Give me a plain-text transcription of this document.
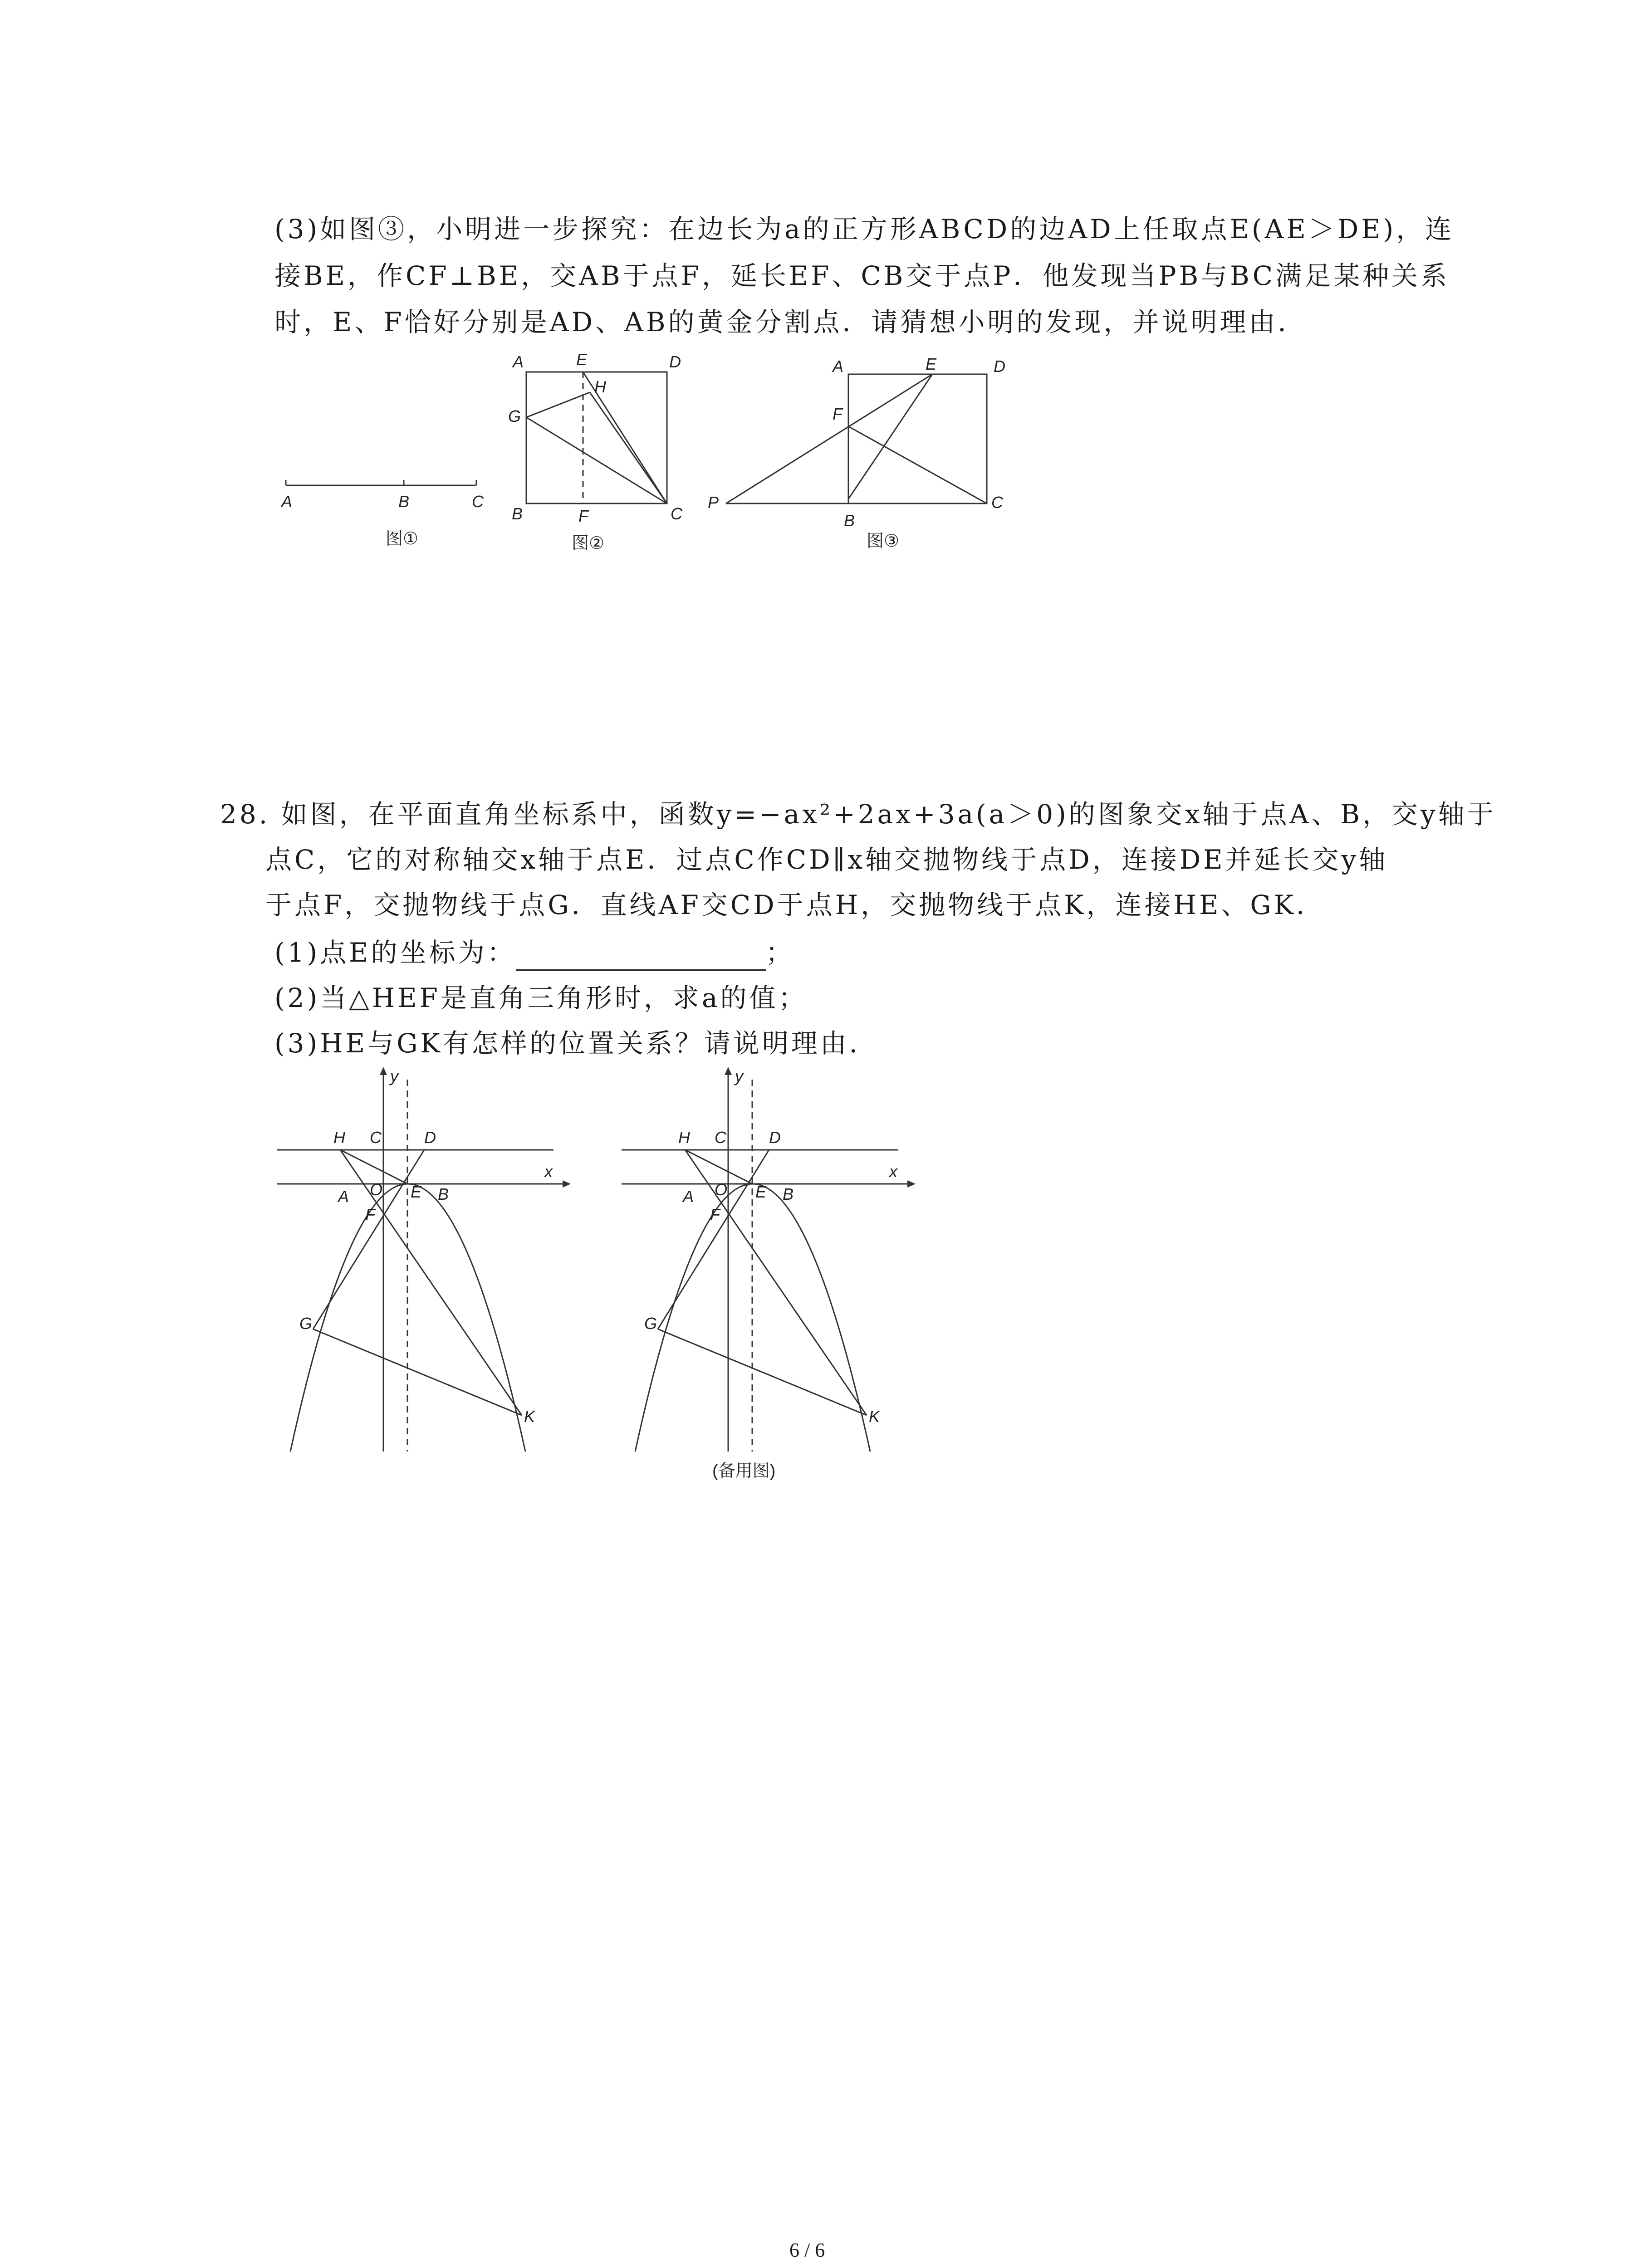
(3)如图③，小明进一步探究：在边长为a的正方形ABCD的边AD上任取点E(AE＞DE)，连
接BE，作CF⊥BE，交AB于点F，延长EF、CB交于点P．他发现当PB与BC满足某种关系
时，E、F恰好分别是AD、AB的黄金分割点．请猜想小明的发现，并说明理由．
A	B	C
图①
A	E	D
H
G
B	F	C
图②
A	E	D
F
P
B
C
图③
28. 如图，在平面直角坐标系中，函数y=−ax²+2ax+3a(a＞0)的图象交x轴于点A、B，交y轴于
点C，它的对称轴交x轴于点E．过点C作CD∥x轴交抛物线于点D，连接DE并延长交y轴
于点F，交抛物线于点G．直线AF交CD于点H，交抛物线于点K，连接HE、GK．
(1)点E的坐标为：	；
(2)当△HEF是直角三角形时，求a的值；
(3)HE与GK有怎样的位置关系？请说明理由．
y
x
H C	D
A O E B
F
G
K
x
H C	D
A O E B
F
G
K
(备用图)
y
6 / 6
